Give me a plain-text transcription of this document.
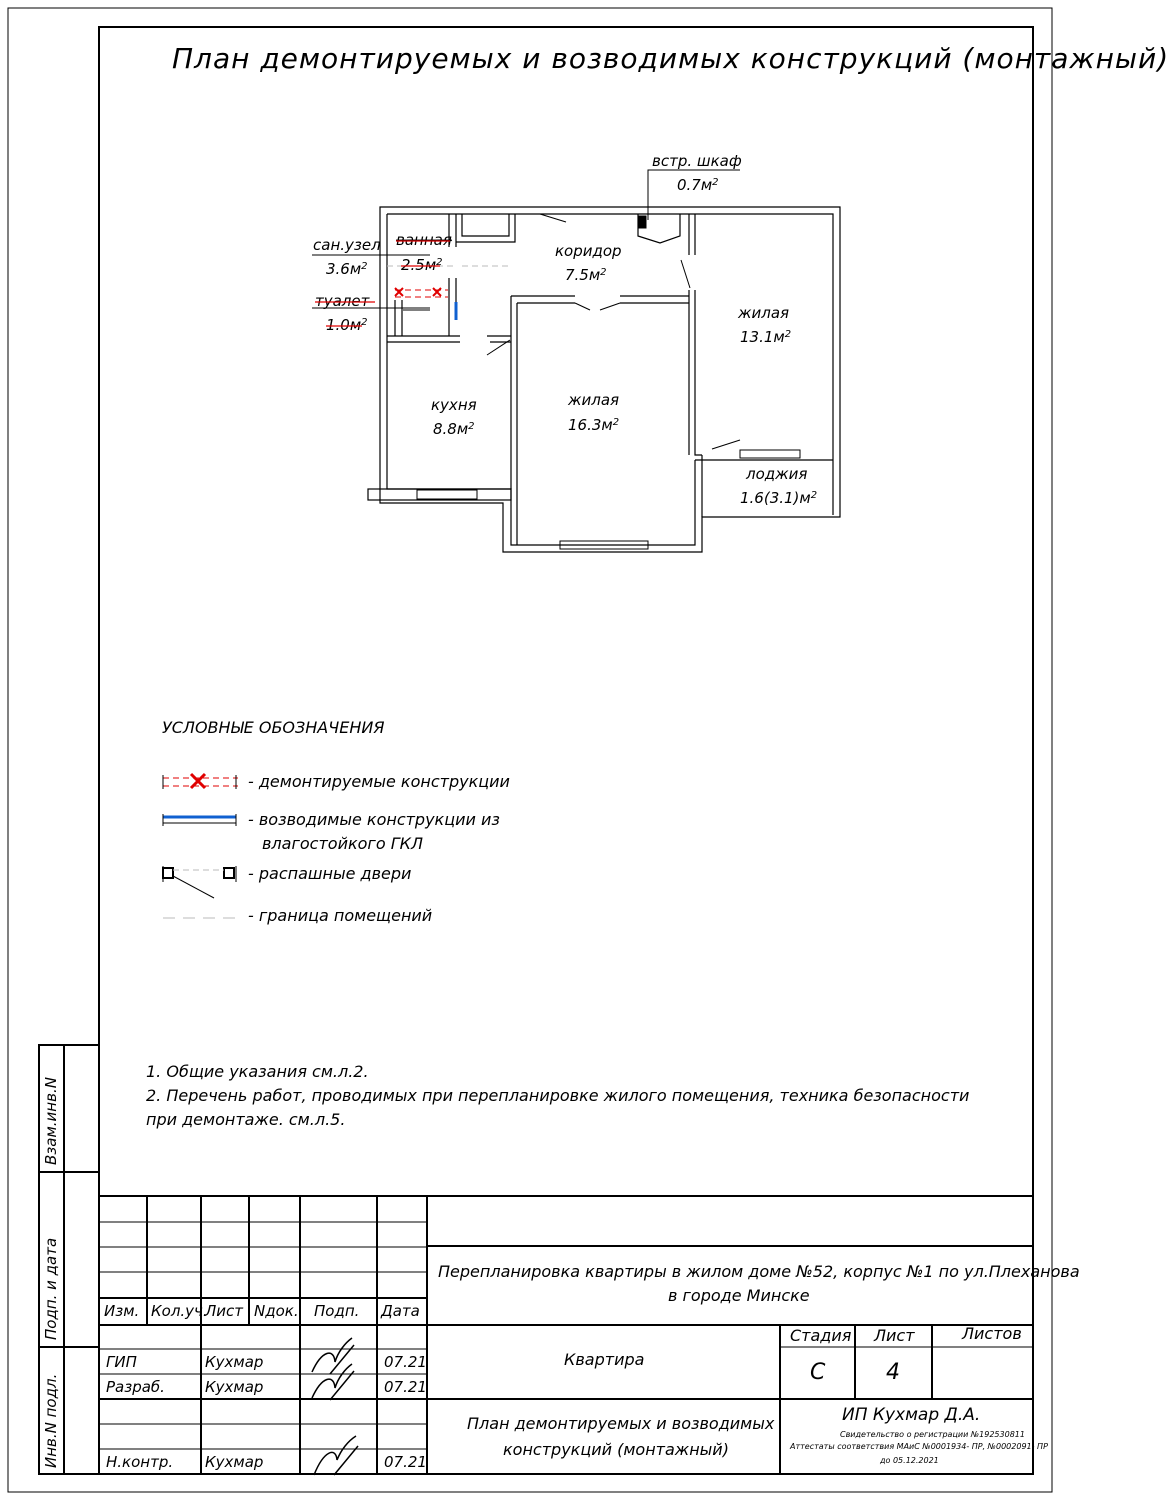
План демонтируемых и возводимых конструкций (монтажный)
встр. шкаф
$0.7м^2$
коридор
$7.5м^2$
жилая
$13.1м^2$
сан.узел
$3.6м^2$
ванная
$2.5м^2$
туалет
$1.0м^2$
кухня
$8.8м^2$
жилая
$16.3м^2$
лоджия
$1.6(3.1)м^2$
УСЛОВНЫЕ ОБОЗНАЧЕНИЯ
- демонтируемые конструкции
- возводимые конструкции из
влагостойкого ГКЛ
- распашные двери
- граница помещений
1. Общие указания см.л.2.
2. Перечень работ, проводимых при перепланировке жилого помещения, техника безопасности
при демонтаже. см.л.5.
Взам.инв.N
Подп. и дата
Инв.N подл.
Изм. Кол.уч.
Лист Nдок. Подп. Дата
ГИП	Кухмар	07.21
Разраб.	Кухмар	07.21
Н.контр. Кухмар	07.21
Перепланировка квартиры в жилом доме №52, корпус №1 по ул.Плеханова
в городе Минске
Квартира
План демонтируемых и возводимых
конструкций (монтажный)
Стадия Лист	Листов
С	4
ИП Кухмар Д.А.
Свидетельство о регистрации №192530811
Аттестаты соответствия МАиС №0001934- ПР, №0002091- ПР
до 05.12.2021
